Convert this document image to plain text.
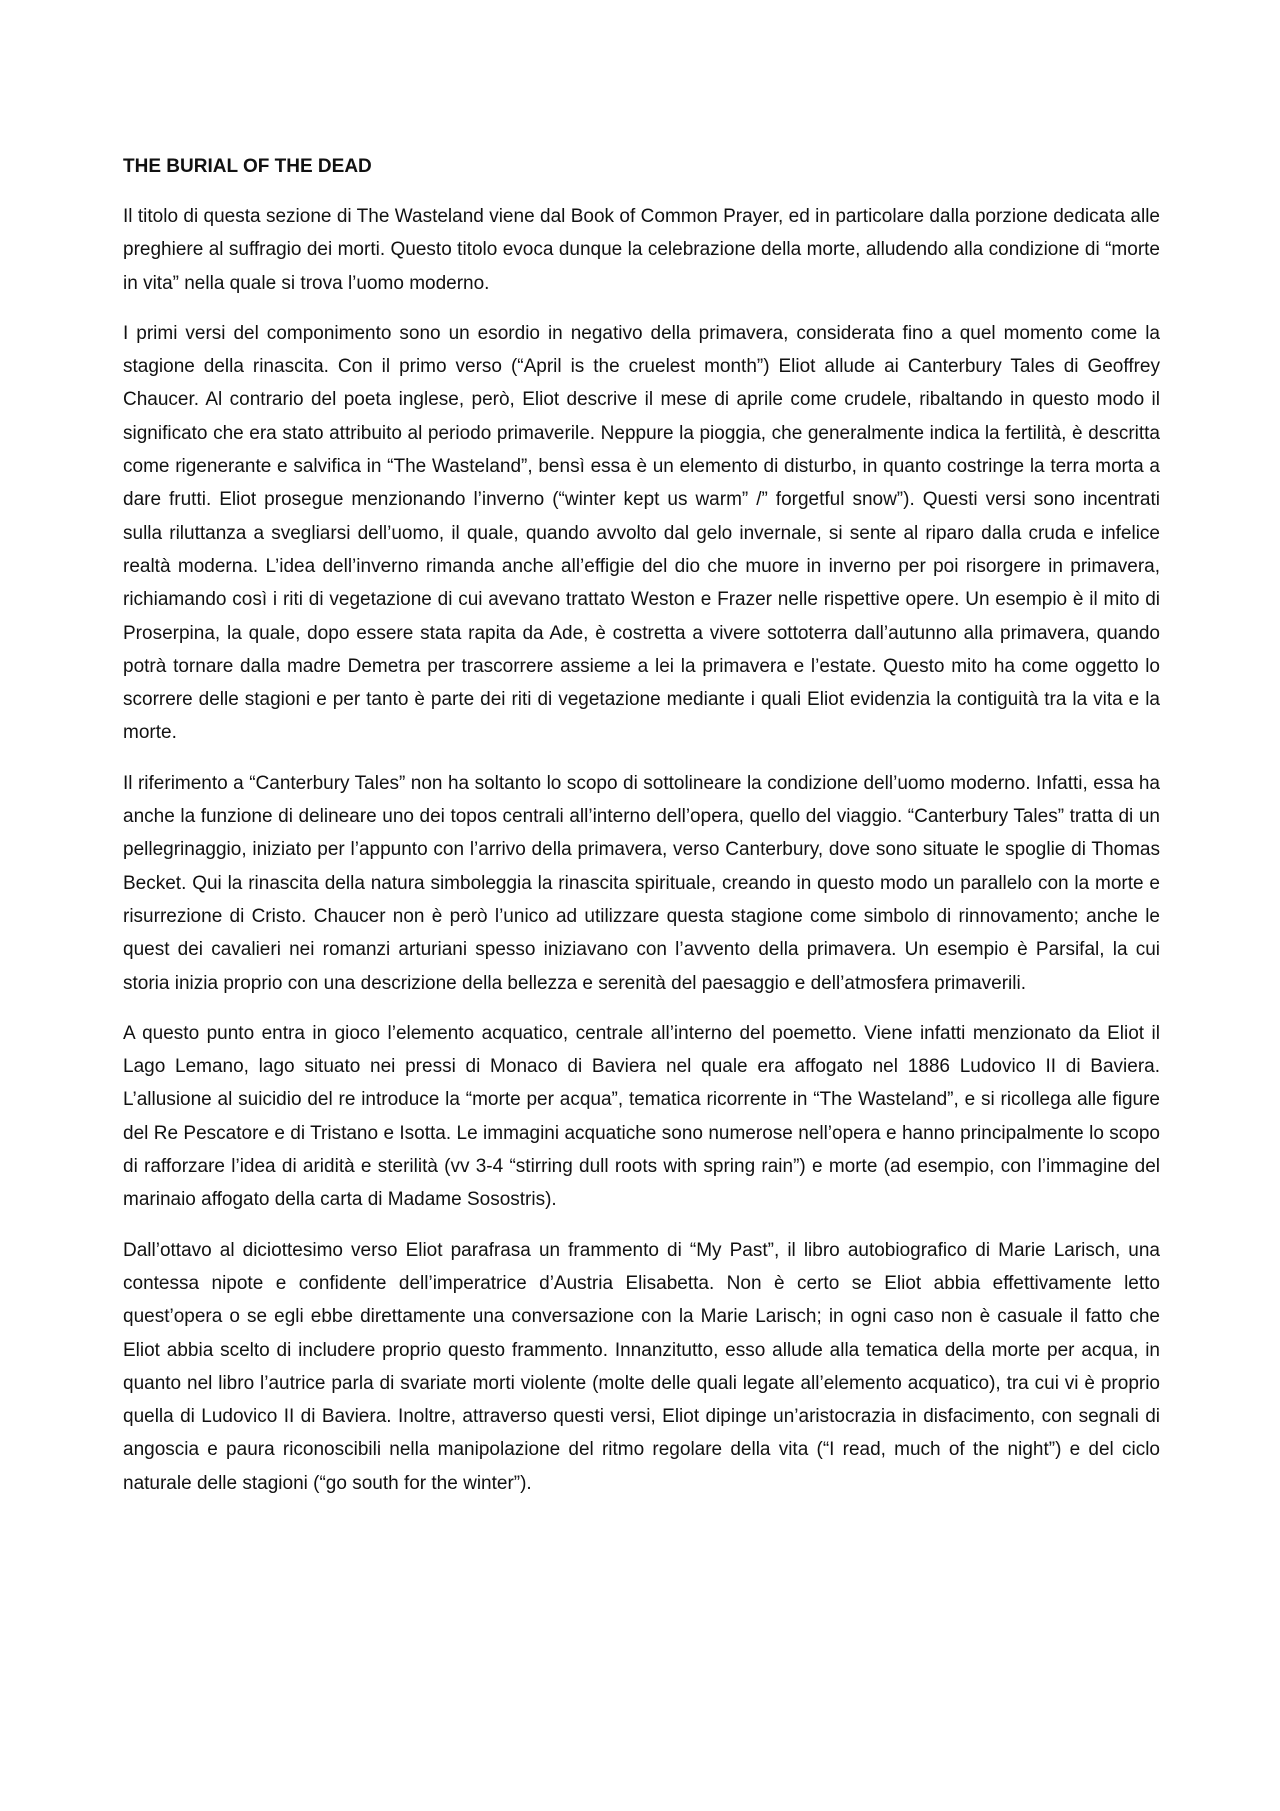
THE BURIAL OF THE DEAD

Il titolo di questa sezione di The Wasteland viene dal Book of Common Prayer, ed in particolare dalla porzione dedicata alle preghiere al suffragio dei morti. Questo titolo evoca dunque la celebrazione della morte, alludendo alla condizione di “morte in vita” nella quale si trova l’uomo moderno.

I primi versi del componimento sono un esordio in negativo della primavera, considerata fino a quel momento come la stagione della rinascita. Con il primo verso (“April is the cruelest month”) Eliot allude ai Canterbury Tales di Geoffrey Chaucer. Al contrario del poeta inglese, però, Eliot descrive il mese di aprile come crudele, ribaltando in questo modo il significato che era stato attribuito al periodo primaverile. Neppure la pioggia, che generalmente indica la fertilità, è descritta come rigenerante e salvifica in “The Wasteland”, bensì essa è un elemento di disturbo, in quanto costringe la terra morta a dare frutti. Eliot prosegue menzionando l’inverno (“winter kept us warm” /” forgetful snow”). Questi versi sono incentrati sulla riluttanza a svegliarsi dell’uomo, il quale, quando avvolto dal gelo invernale, si sente al riparo dalla cruda e infelice realtà moderna. L’idea dell’inverno rimanda anche all’effigie del dio che muore in inverno per poi risorgere in primavera, richiamando così i riti di vegetazione di cui avevano trattato Weston e Frazer nelle rispettive opere. Un esempio è il mito di Proserpina, la quale, dopo essere stata rapita da Ade, è costretta a vivere sottoterra dall’autunno alla primavera, quando potrà tornare dalla madre Demetra per trascorrere assieme a lei la primavera e l’estate. Questo mito ha come oggetto lo scorrere delle stagioni e per tanto è parte dei riti di vegetazione mediante i quali Eliot evidenzia la contiguità tra la vita e la morte.

Il riferimento a “Canterbury Tales” non ha soltanto lo scopo di sottolineare la condizione dell’uomo moderno. Infatti, essa ha anche la funzione di delineare uno dei topos centrali all’interno dell’opera, quello del viaggio. “Canterbury Tales” tratta di un pellegrinaggio, iniziato per l’appunto con l’arrivo della primavera, verso Canterbury, dove sono situate le spoglie di Thomas Becket. Qui la rinascita della natura simboleggia la rinascita spirituale, creando in questo modo un parallelo con la morte e risurrezione di Cristo. Chaucer non è però l’unico ad utilizzare questa stagione come simbolo di rinnovamento; anche le quest dei cavalieri nei romanzi arturiani spesso iniziavano con l’avvento della primavera. Un esempio è Parsifal, la cui storia inizia proprio con una descrizione della bellezza e serenità del paesaggio e dell’atmosfera primaverili.

A questo punto entra in gioco l’elemento acquatico, centrale all’interno del poemetto. Viene infatti menzionato da Eliot il Lago Lemano, lago situato nei pressi di Monaco di Baviera nel quale era affogato nel 1886 Ludovico II di Baviera. L’allusione al suicidio del re introduce la “morte per acqua”, tematica ricorrente in “The Wasteland”, e si ricollega alle figure del Re Pescatore e di Tristano e Isotta. Le immagini acquatiche sono numerose nell’opera e hanno principalmente lo scopo di rafforzare l’idea di aridità e sterilità (vv 3-4 “stirring dull roots with spring rain”) e morte (ad esempio, con l’immagine del marinaio affogato della carta di Madame Sosostris).

Dall’ottavo al diciottesimo verso Eliot parafrasa un frammento di “My Past”, il libro autobiografico di Marie Larisch, una contessa nipote e confidente dell’imperatrice d’Austria Elisabetta. Non è certo se Eliot abbia effettivamente letto quest’opera o se egli ebbe direttamente una conversazione con la Marie Larisch; in ogni caso non è casuale il fatto che Eliot abbia scelto di includere proprio questo frammento. Innanzitutto, esso allude alla tematica della morte per acqua, in quanto nel libro l’autrice parla di svariate morti violente (molte delle quali legate all’elemento acquatico), tra cui vi è proprio quella di Ludovico II di Baviera. Inoltre, attraverso questi versi, Eliot dipinge un’aristocrazia in disfacimento, con segnali di angoscia e paura riconoscibili nella manipolazione del ritmo regolare della vita (“I read, much of the night”) e del ciclo naturale delle stagioni (“go south for the winter”).
